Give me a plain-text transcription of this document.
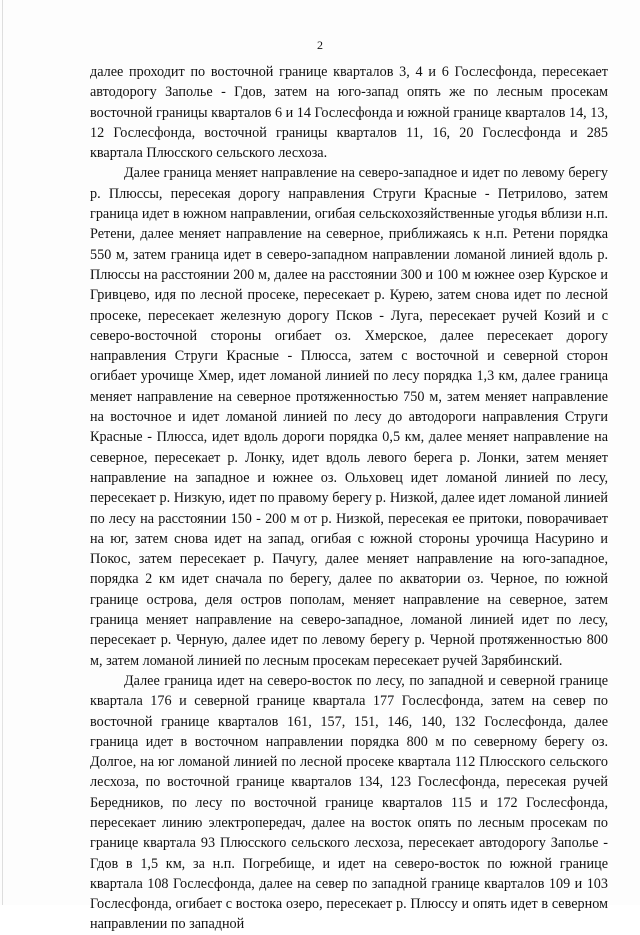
2

далее проходит по восточной границе кварталов 3, 4 и 6 Гослесфонда, пересекает автодорогу Заполье - Гдов, затем на юго-запад опять же по лесным просекам восточной границы кварталов 6 и 14 Гослесфонда и южной границе кварталов 14, 13, 12 Гослесфонда, восточной границы кварталов 11, 16, 20 Гослесфонда и 285 квартала Плюсского сельского лесхоза.

Далее граница меняет направление на северо-западное и идет по левому берегу р. Плюссы, пересекая дорогу направления Струги Красные - Петрилово, затем граница идет в южном направлении, огибая сельскохозяйственные угодья вблизи н.п. Ретени, далее меняет направление на северное, приближаясь к н.п. Ретени порядка 550 м, затем граница идет в северо-западном направлении ломаной линией вдоль р. Плюссы на расстоянии 200 м, далее на расстоянии 300 и 100 м южнее озер Курское и Гривцево, идя по лесной просеке, пересекает р. Курею, затем снова идет по лесной просеке, пересекает железную дорогу Псков - Луга, пересекает ручей Козий и с северо-восточной стороны огибает оз. Хмерское, далее пересекает дорогу направления Струги Красные - Плюсса, затем с восточной и северной сторон огибает урочище Хмер, идет ломаной линией по лесу порядка 1,3 км, далее граница меняет направление на северное протяженностью 750 м, затем меняет направление на восточное и идет ломаной линией по лесу до автодороги направления Струги Красные - Плюсса, идет вдоль дороги порядка 0,5 км, далее меняет направление на северное, пересекает р. Лонку, идет вдоль левого берега р. Лонки, затем меняет направление на западное и южнее оз. Ольховец идет ломаной линией по лесу, пересекает р. Низкую, идет по правому берегу р. Низкой, далее идет ломаной линией по лесу на расстоянии 150 - 200 м от р. Низкой, пересекая ее притоки, поворачивает на юг, затем снова идет на запад, огибая с южной стороны урочища Насурино и Покос, затем пересекает р. Пачугу, далее меняет направление на юго-западное, порядка 2 км идет сначала по берегу, далее по акватории оз. Черное, по южной границе острова, деля остров пополам, меняет направление на северное, затем граница меняет направление на северо-западное, ломаной линией идет по лесу, пересекает р. Черную, далее идет по левому берегу р. Черной протяженностью 800 м, затем ломаной линией по лесным просекам пересекает ручей Зарябинский.

Далее граница идет на северо-восток по лесу, по западной и северной границе квартала 176 и северной границе квартала 177 Гослесфонда, затем на север по восточной границе кварталов 161, 157, 151, 146, 140, 132 Гослесфонда, далее граница идет в восточном направлении порядка 800 м по северному берегу оз. Долгое, на юг ломаной линией по лесной просеке квартала 112 Плюсского сельского лесхоза, по восточной границе кварталов 134, 123 Гослесфонда, пересекая ручей Бередников, по лесу по восточной границе кварталов 115 и 172 Гослесфонда, пересекает линию электропередач, далее на восток опять по лесным просекам по границе квартала 93 Плюсского сельского лесхоза, пересекает автодорогу Заполье - Гдов в 1,5 км, за н.п. Погребище, и идет на северо-восток по южной границе квартала 108 Гослесфонда, далее на север по западной границе кварталов 109 и 103 Гослесфонда, огибает с востока озеро, пересекает р. Плюссу и опять идет в северном направлении по западной
